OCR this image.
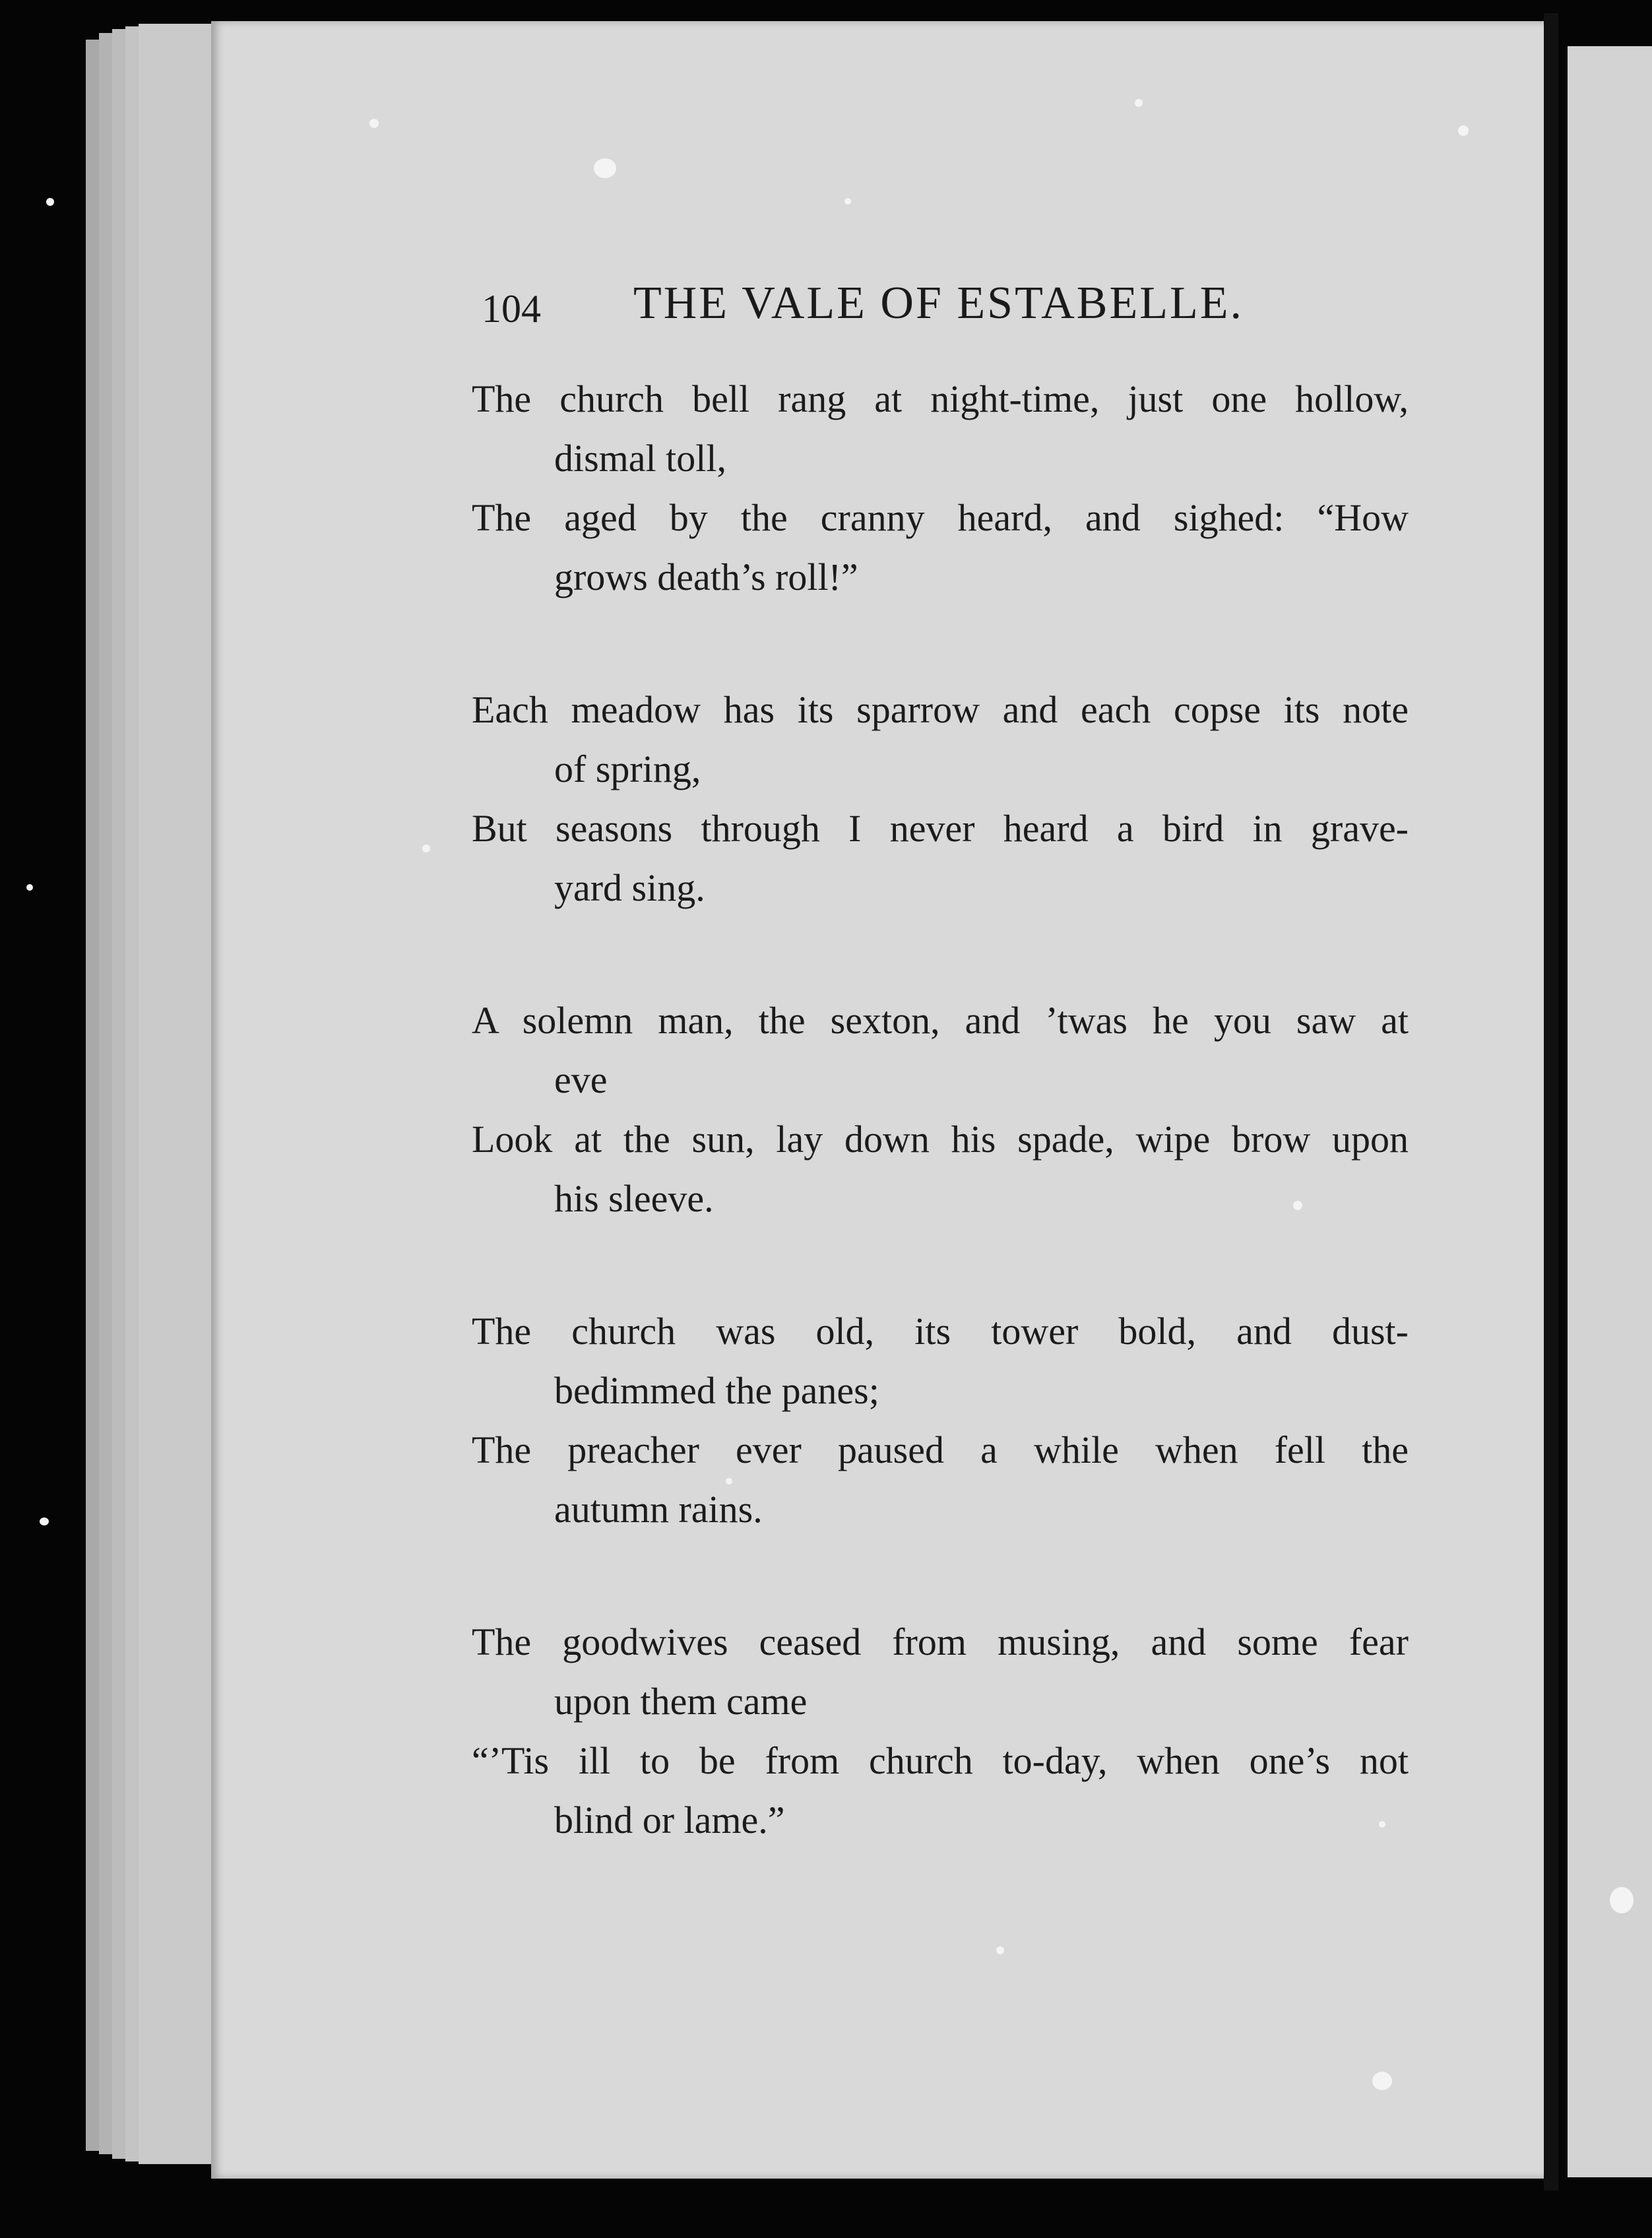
104 THE VALE OF ESTABELLE.
The church bell rang at night-time, just one hollow,
dismal toll,
The aged by the cranny heard, and sighed: “How
grows death’s roll!”
Each meadow has its sparrow and each copse its note
of spring,
But seasons through I never heard a bird in grave-
yard sing.
A solemn man, the sexton, and ’twas he you saw at
eve
Look at the sun, lay down his spade, wipe brow upon
his sleeve.
The church was old, its tower bold, and dust-
bedimmed the panes;
The preacher ever paused a while when fell the
autumn rains.
The goodwives ceased from musing, and some fear
upon them came
“’Tis ill to be from church to-day, when one’s not
blind or lame.”
